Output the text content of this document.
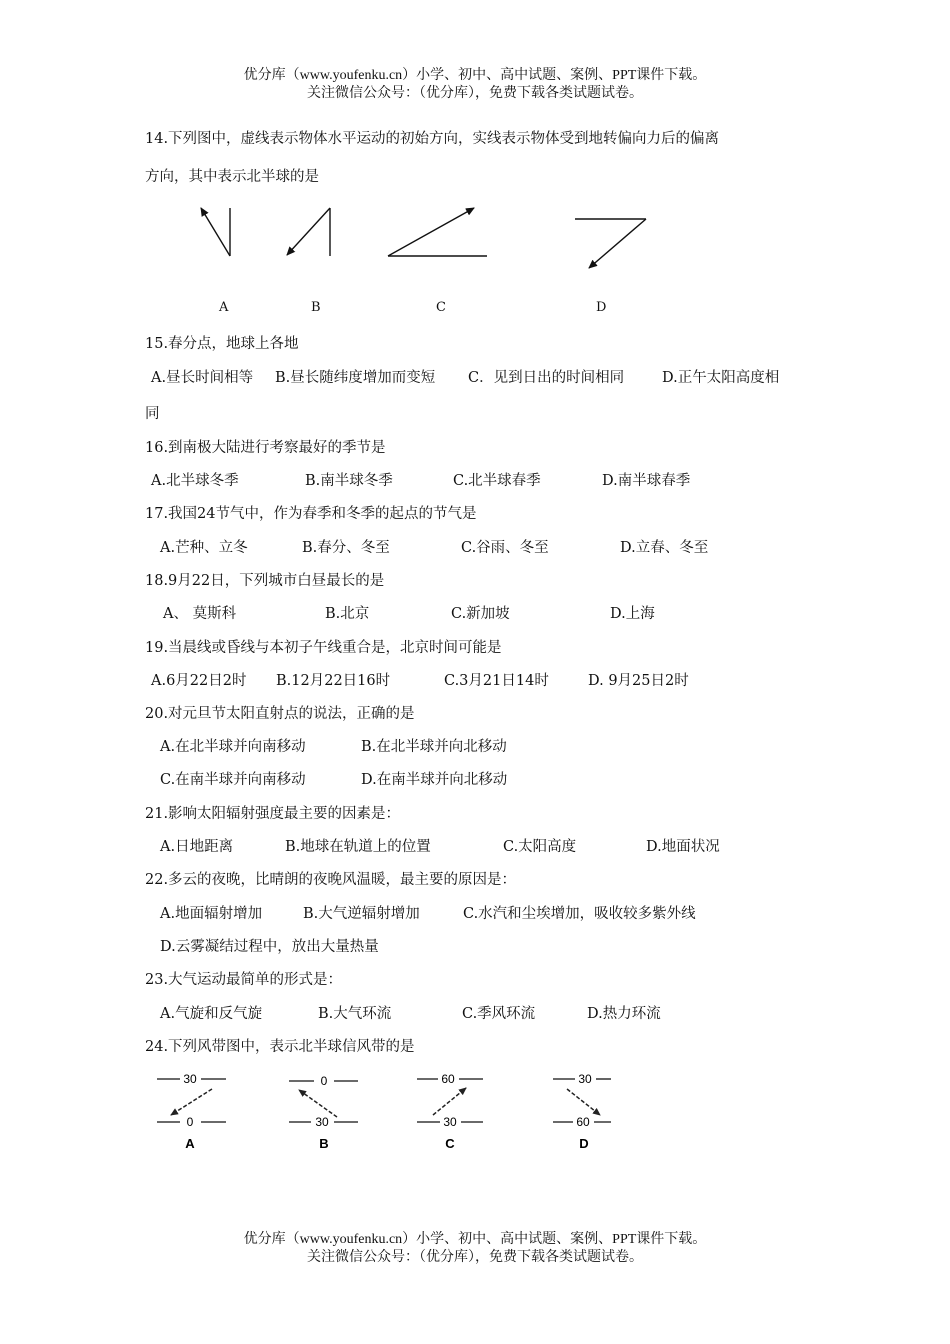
优分库（www.youfenku.cn）小学、初中、高中试题、案例、PPT课件下载。
关注微信公众号：（优分库），免费下载各类试题试卷。
14.下列图中，虚线表示物体水平运动的初始方向，实线表示物体受到地转偏向力后的偏离
方向，其中表示北半球的是
30
0
A
0
30
B
60
30
C
30
60
D
A	B	C	D
15.春分点，地球上各地
A.昼长时间相等 B.昼长随纬度增加而变短 C．见到日出的时间相同	D.正午太阳高度相
同
16.到南极大陆进行考察最好的季节是
A.北半球冬季	B.南半球冬季	C.北半球春季	D.南半球春季
17.我国24节气中，作为春季和冬季的起点的节气是
A.芒种、立冬	B.春分、冬至	C.谷雨、冬至	D.立春、冬至
18.9月22日，下列城市白昼最长的是
A、 莫斯科	B.北京	C.新加坡	D.上海
19.当晨线或昏线与本初子午线重合是，北京时间可能是
A.6月22日2时 B.12月22日16时	C.3月21日14时	D. 9月25日2时
20.对元旦节太阳直射点的说法，正确的是
A.在北半球并向南移动	B.在北半球并向北移动
C.在南半球并向南移动	D.在南半球并向北移动
21.影响太阳辐射强度最主要的因素是：
A.日地距离	B.地球在轨道上的位置	C.太阳高度	D.地面状况
22.多云的夜晚，比晴朗的夜晚风温暖，最主要的原因是：
A.地面辐射增加	B.大气逆辐射增加	C.水汽和尘埃增加，吸收较多紫外线
D.云雾凝结过程中，放出大量热量
23.大气运动最简单的形式是：
A.气旋和反气旋	B.大气环流	C.季风环流	D.热力环流
24.下列风带图中，表示北半球信风带的是
优分库（www.youfenku.cn）小学、初中、高中试题、案例、PPT课件下载。
关注微信公众号：（优分库），免费下载各类试题试卷。
